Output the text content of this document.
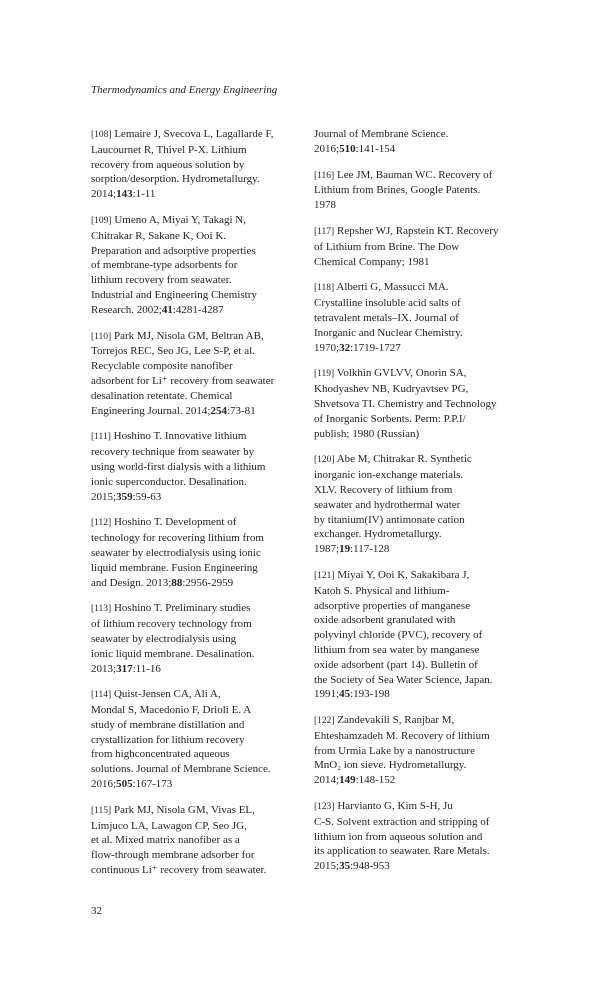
Thermodynamics and Energy Engineering
[108] Lemaire J, Svecova L, Lagallarde F,
Laucournet R, Thivel P-X. Lithium
recovery from aqueous solution by
sorption/desorption. Hydrometallurgy.
2014;143:1-11
[109] Umeno A, Miyai Y, Takagi N,
Chitrakar R, Sakane K, Ooi K.
Preparation and adsorptive properties
of membrane-type adsorbents for
lithium recovery from seawater.
Industrial and Engineering Chemistry
Research. 2002;41:4281-4287
[110] Park MJ, Nisola GM, Beltran AB,
Torrejos REC, Seo JG, Lee S-P, et al.
Recyclable composite nanofiber
adsorbent for Li⁺ recovery from seawater
desalination retentate. Chemical
Engineering Journal. 2014;254:73-81
[111] Hoshino T. Innovative lithium
recovery technique from seawater by
using world-first dialysis with a lithium
ionic superconductor. Desalination.
2015;359:59-63
[112] Hoshino T. Development of
technology for recovering lithium from
seawater by electrodialysis using ionic
liquid membrane. Fusion Engineering
and Design. 2013;88:2956-2959
[113] Hoshino T. Preliminary studies
of lithium recovery technology from
seawater by electrodialysis using
ionic liquid membrane. Desalination.
2013;317:11-16
[114] Quist-Jensen CA, Ali A,
Mondal S, Macedonio F, Drioli E. A
study of membrane distillation and
crystallization for lithium recovery
from highconcentrated aqueous
solutions. Journal of Membrane Science.
2016;505:167-173
[115] Park MJ, Nisola GM, Vivas EL,
Limjuco LA, Lawagon CP, Seo JG,
et al. Mixed matrix nanofiber as a
flow-through membrane adsorber for
continuous Li⁺ recovery from seawater.
Journal of Membrane Science.
2016;510:141-154
[116] Lee JM, Bauman WC. Recovery of
Lithium from Brines, Google Patents.
1978
[117] Repsher WJ, Rapstein KT. Recovery
of Lithium from Brine. The Dow
Chemical Company; 1981
[118] Alberti G, Massucci MA.
Crystalline insoluble acid salts of
tetravalent metals–IX. Journal of
Inorganic and Nuclear Chemistry.
1970;32:1719-1727
[119] Volkhin GVLVV, Onorin SA,
Khodyashev NB, Kudryavtsev PG,
Shvetsova TI. Chemistry and Technology
of Inorganic Sorbents. Perm: P.P.I/
publish; 1980 (Russian)
[120] Abe M, Chitrakar R. Synthetic
inorganic ion-exchange materials.
XLV. Recovery of lithium from
seawater and hydrothermal water
by titanium(IV) antimonate cation
exchanger. Hydrometallurgy.
1987;19:117-128
[121] Miyai Y, Ooi K, Sakakibara J,
Katoh S. Physical and lithium-
adsorptive properties of manganese
oxide adsorbent granulated with
polyvinyl chloride (PVC), recovery of
lithium from sea water by manganese
oxide adsorbent (part 14). Bulletin of
the Society of Sea Water Science, Japan.
1991;45:193-198
[122] Zandevakili S, Ranjbar M,
Ehteshamzadeh M. Recovery of lithium
from Urmia Lake by a nanostructure
MnO₂ ion sieve. Hydrometallurgy.
2014;149:148-152
[123] Harvianto G, Kim S-H, Ju
C-S. Solvent extraction and stripping of
lithium ion from aqueous solution and
its application to seawater. Rare Metals.
2015;35:948-953
32
